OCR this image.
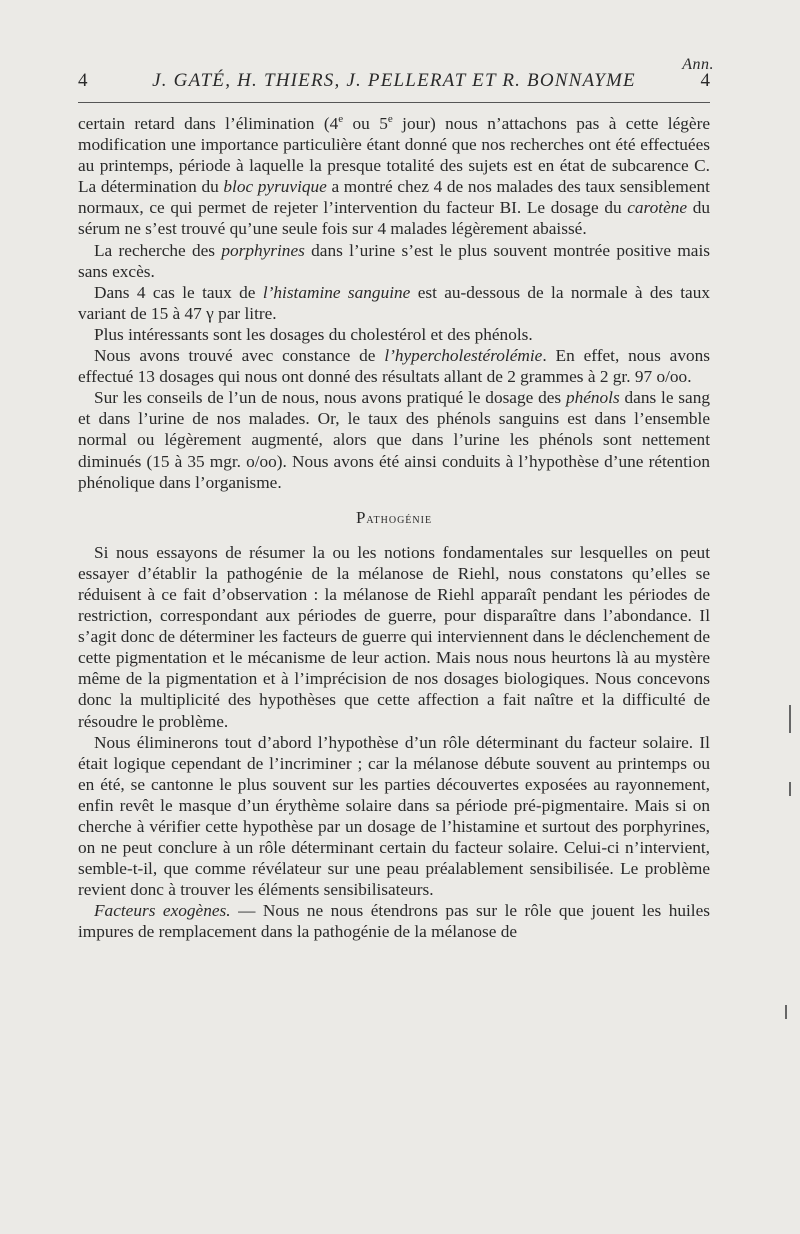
Ann.
4	J. GATÉ, H. THIERS, J. PELLERAT ET R. BONNAYME	4

certain retard dans l’élimination (4e ou 5e jour) nous n’attachons pas à cette légère modification une importance particulière étant donné que nos recherches ont été effectuées au printemps, période à laquelle la presque totalité des sujets est en état de subcarence C. La détermination du bloc pyruvique a montré chez 4 de nos malades des taux sensiblement normaux, ce qui permet de rejeter l’intervention du facteur BI. Le dosage du carotène du sérum ne s’est trouvé qu’une seule fois sur 4 malades légèrement abaissé.

La recherche des porphyrines dans l’urine s’est le plus souvent montrée positive mais sans excès.

Dans 4 cas le taux de l’histamine sanguine est au-dessous de la normale à des taux variant de 15 à 47 γ par litre.

Plus intéressants sont les dosages du cholestérol et des phénols.

Nous avons trouvé avec constance de l’hypercholestérolémie. En effet, nous avons effectué 13 dosages qui nous ont donné des résultats allant de 2 grammes à 2 gr. 97 o/oo.

Sur les conseils de l’un de nous, nous avons pratiqué le dosage des phénols dans le sang et dans l’urine de nos malades. Or, le taux des phénols sanguins est dans l’ensemble normal ou légèrement augmenté, alors que dans l’urine les phénols sont nettement diminués (15 à 35 mgr. o/oo). Nous avons été ainsi conduits à l’hypothèse d’une rétention phénolique dans l’organisme.

Pathogénie

Si nous essayons de résumer la ou les notions fondamentales sur lesquelles on peut essayer d’établir la pathogénie de la mélanose de Riehl, nous constatons qu’elles se réduisent à ce fait d’observation : la mélanose de Riehl apparaît pendant les périodes de restriction, correspondant aux périodes de guerre, pour disparaître dans l’abondance. Il s’agit donc de déterminer les facteurs de guerre qui interviennent dans le déclenchement de cette pigmentation et le mécanisme de leur action. Mais nous nous heurtons là au mystère même de la pigmentation et à l’imprécision de nos dosages biologiques. Nous concevons donc la multiplicité des hypothèses que cette affection a fait naître et la difficulté de résoudre le problème.

Nous éliminerons tout d’abord l’hypothèse d’un rôle déterminant du facteur solaire. Il était logique cependant de l’incriminer ; car la mélanose débute souvent au printemps ou en été, se cantonne le plus souvent sur les parties découvertes exposées au rayonnement, enfin revêt le masque d’un érythème solaire dans sa période pré-pigmentaire. Mais si on cherche à vérifier cette hypothèse par un dosage de l’histamine et surtout des porphyrines, on ne peut conclure à un rôle déterminant certain du facteur solaire. Celui-ci n’intervient, semble-t-il, que comme révélateur sur une peau préalablement sensibilisée. Le problème revient donc à trouver les éléments sensibilisateurs.

Facteurs exogènes. — Nous ne nous étendrons pas sur le rôle que jouent les huiles impures de remplacement dans la pathogénie de la mélanose de
